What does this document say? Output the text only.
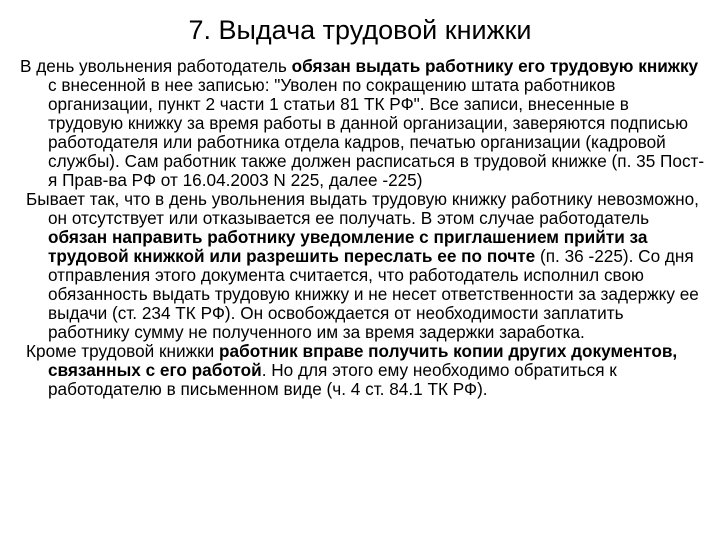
7. Выдача трудовой книжки

В день увольнения работодатель обязан выдать работнику его трудовую книжку с внесенной в нее записью: "Уволен по сокращению штата работников организации, пункт 2 части 1 статьи 81 ТК РФ". Все записи, внесенные в трудовую книжку за время работы в данной организации, заверяются подписью работодателя или работника отдела кадров, печатью организации (кадровой службы). Сам работник также должен расписаться в трудовой книжке (п. 35 Пост-я Прав-ва РФ от 16.04.2003 N 225, далее -225)

Бывает так, что в день увольнения выдать трудовую книжку работнику невозможно, он отсутствует или отказывается ее получать. В этом случае работодатель обязан направить работнику уведомление с приглашением прийти за трудовой книжкой или разрешить переслать ее по почте (п. 36 -225). Со дня отправления этого документа считается, что работодатель исполнил свою обязанность выдать трудовую книжку и не несет ответственности за задержку ее выдачи (ст. 234 ТК РФ). Он освобождается от необходимости заплатить работнику сумму не полученного им за время задержки заработка.

Кроме трудовой книжки работник вправе получить копии других документов, связанных с его работой. Но для этого ему необходимо обратиться к работодателю в письменном виде (ч. 4 ст. 84.1 ТК РФ).
